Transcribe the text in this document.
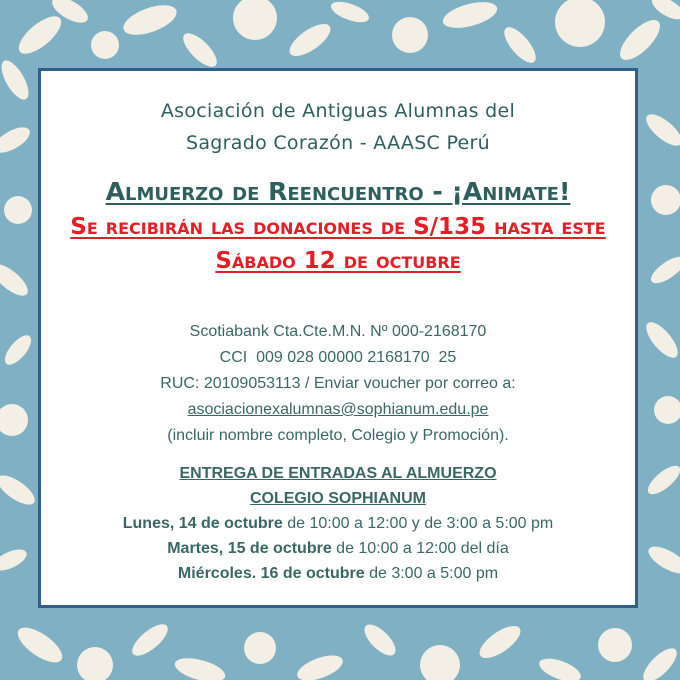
Asociación de Antiguas Alumnas del
Sagrado Corazón - AAASC Perú
Almuerzo de Reencuentro - ¡Animate!
Se recibirán las donaciones de S/135 hasta este
Sábado 12 de octubre
Scotiabank Cta.Cte.M.N. Nº 000-2168170
CCI  009 028 00000 2168170  25
RUC: 20109053113 / Enviar voucher por correo a:
asociacionexalumnas@sophianum.edu.pe
(incluir nombre completo, Colegio y Promoción).
ENTREGA DE ENTRADAS AL ALMUERZO
COLEGIO SOPHIANUM
Lunes, 14 de octubre de 10:00 a 12:00 y de 3:00 a 5:00 pm
Martes, 15 de octubre de 10:00 a 12:00 del día
Miércoles. 16 de octubre de 3:00 a 5:00 pm
